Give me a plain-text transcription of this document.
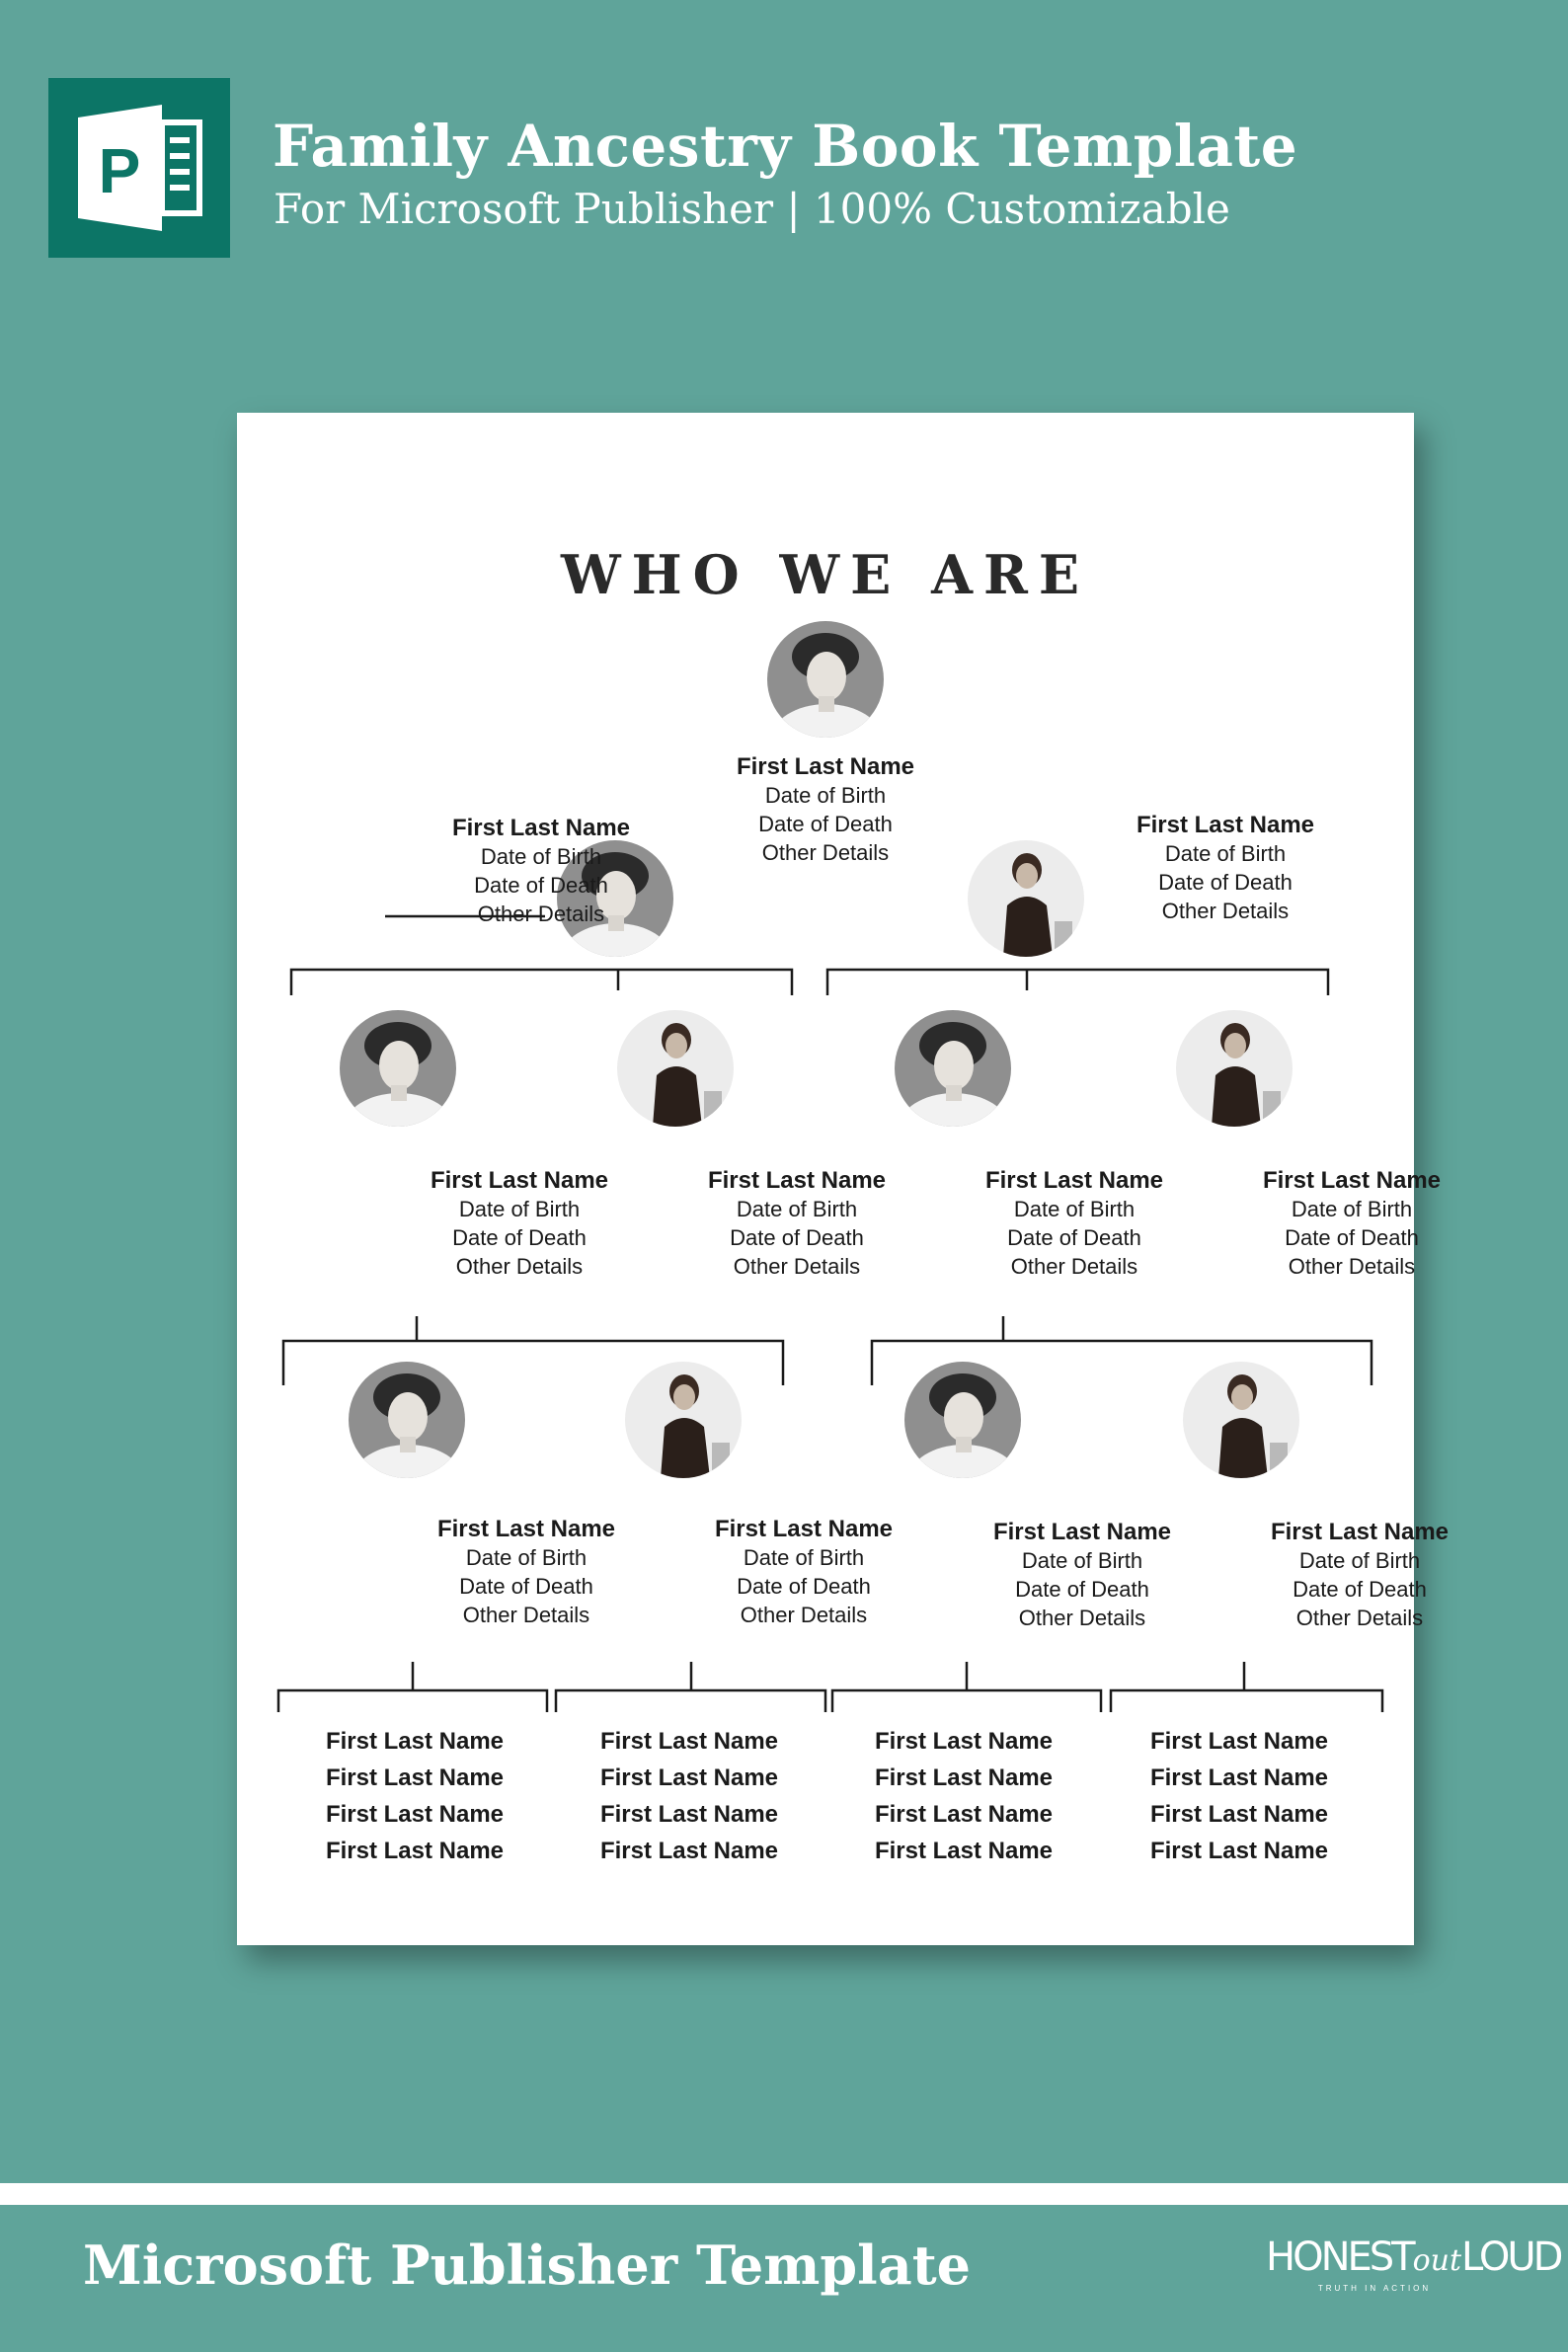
P Family Ancestry Book Template
For Microsoft Publisher | 100% Customizable
WHO WE ARE
First Last Name
Date of Birth
Date of Death
Other Details
First Last Name
Date of Birth
Date of Death
Other Details
First Last Name
Date of Birth
Date of Death
Other Details
First Last Name
Date of Birth
Date of Death
Other Details
First Last Name
Date of Birth
Date of Death
Other Details
First Last Name
Date of Birth
Date of Death
Other Details
First Last Name
Date of Birth
Date of Death
Other Details
First Last Name
Date of Birth
Date of Death
Other Details
First Last Name
Date of Birth
Date of Death
Other Details
First Last Name
Date of Birth
Date of Death
Other Details
First Last Name
Date of Birth
Date of Death
Other Details
First Last Name
First Last Name
First Last Name
First Last Name
First Last Name
First Last Name
First Last Name
First Last Name
First Last Name
First Last Name
First Last Name
First Last Name
First Last Name
First Last Name
First Last Name
First Last Name
Microsoft Publisher Template	HONESToutLOUD
TRUTH IN ACTION
